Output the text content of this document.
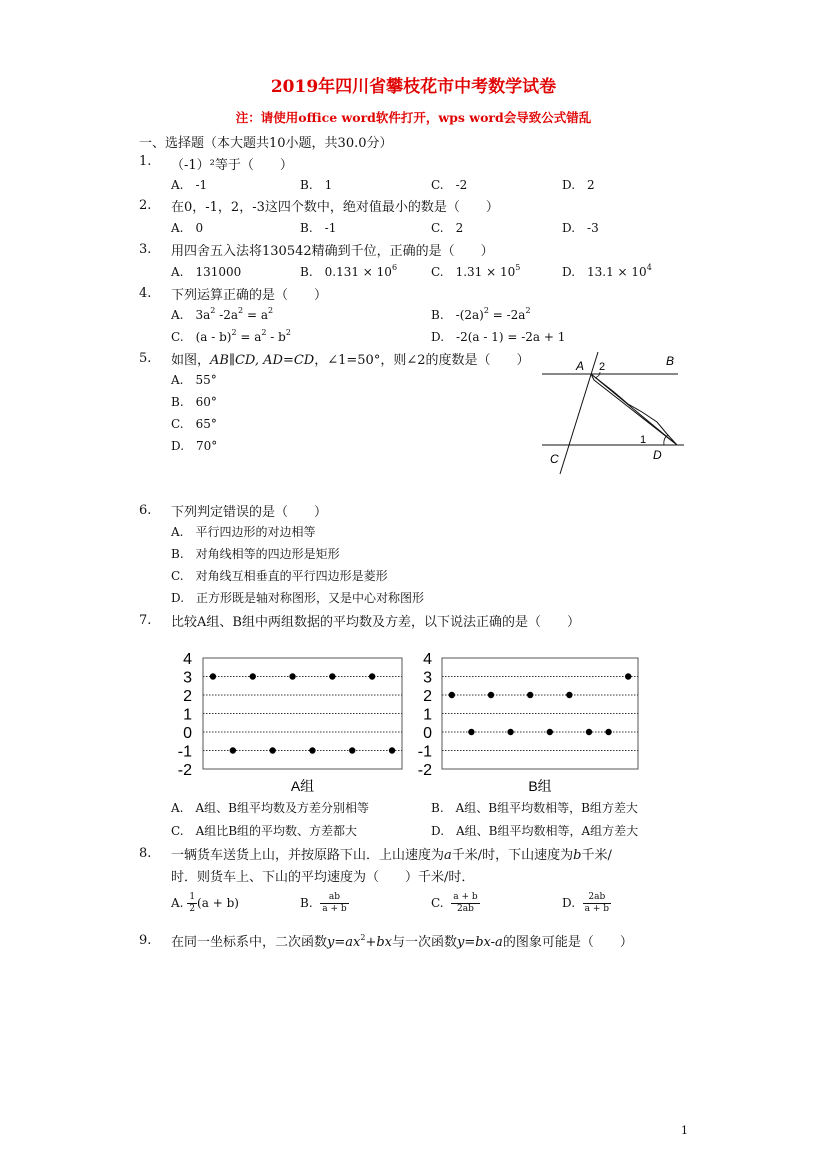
2019年四川省攀枝花市中考数学试卷
注：请使用office word软件打开，wps word会导致公式错乱
一、选择题（本大题共10小题，共30.0分）
1. （-1）²等于（　　）
A.　-1	B.　1	C.　-2	D.　2
2. 在0，-1，2，-3这四个数中，绝对值最小的数是（　　）
A.　0	B.　-1	C.　2	D.　-3
3. 用四舍五入法将130542精确到千位，正确的是（　　）
A.　131000	B.　$0.131 \times 10^6$	C.　$1.31 \times 10^5$	D.　$13.1 \times 10^4$
4. 下列运算正确的是（　　）
A.　$3a^2$ $-2a^2 = a^2$	B.　$-(2a)^2 = -2a^2$
C.　$(a - b)^2 = a^2 - b^2$	D.　-2(a - 1) = -2a + 1
5. 如图，AB∥CD, AD=CD，∠1=50°，则∠2的度数是（　　）
A.　55°
B.　60°
C.　65°
D.　70°
A	B
C	D
1
2
6. 下列判定错误的是（　　）
A.　平行四边形的对边相等
B.　对角线相等的四边形是矩形
C.　对角线互相垂直的平行四边形是菱形
D.　正方形既是轴对称图形，又是中心对称图形
7. 比较A组、B组中两组数据的平均数及方差，以下说法正确的是（　　）
4
3
2
1
0
-1
-2
A组
4
3
2
1
0
-1
-2
B组
A.　A组、B组平均数及方差分别相等	B.　A组、B组平均数相等，B组方差大
C.　A组比B组的平均数、方差都大	D.　A组、B组平均数相等，A组方差大
8. 一辆货车送货上山，并按原路下山．上山速度为a千米/时，下山速度为b千米/
时．则货车上、下山的平均速度为（　　）千米/时．
A. $\frac{1}{2} (a + b)$	B. $\frac{ab}{a + b}$	C. $\frac{a + b}{2ab}$	D. $\frac{2ab}{a + b}$
9. 在同一坐标系中，二次函数$y=ax^2+bx$与一次函数y=bx-a的图象可能是（　　）
1
